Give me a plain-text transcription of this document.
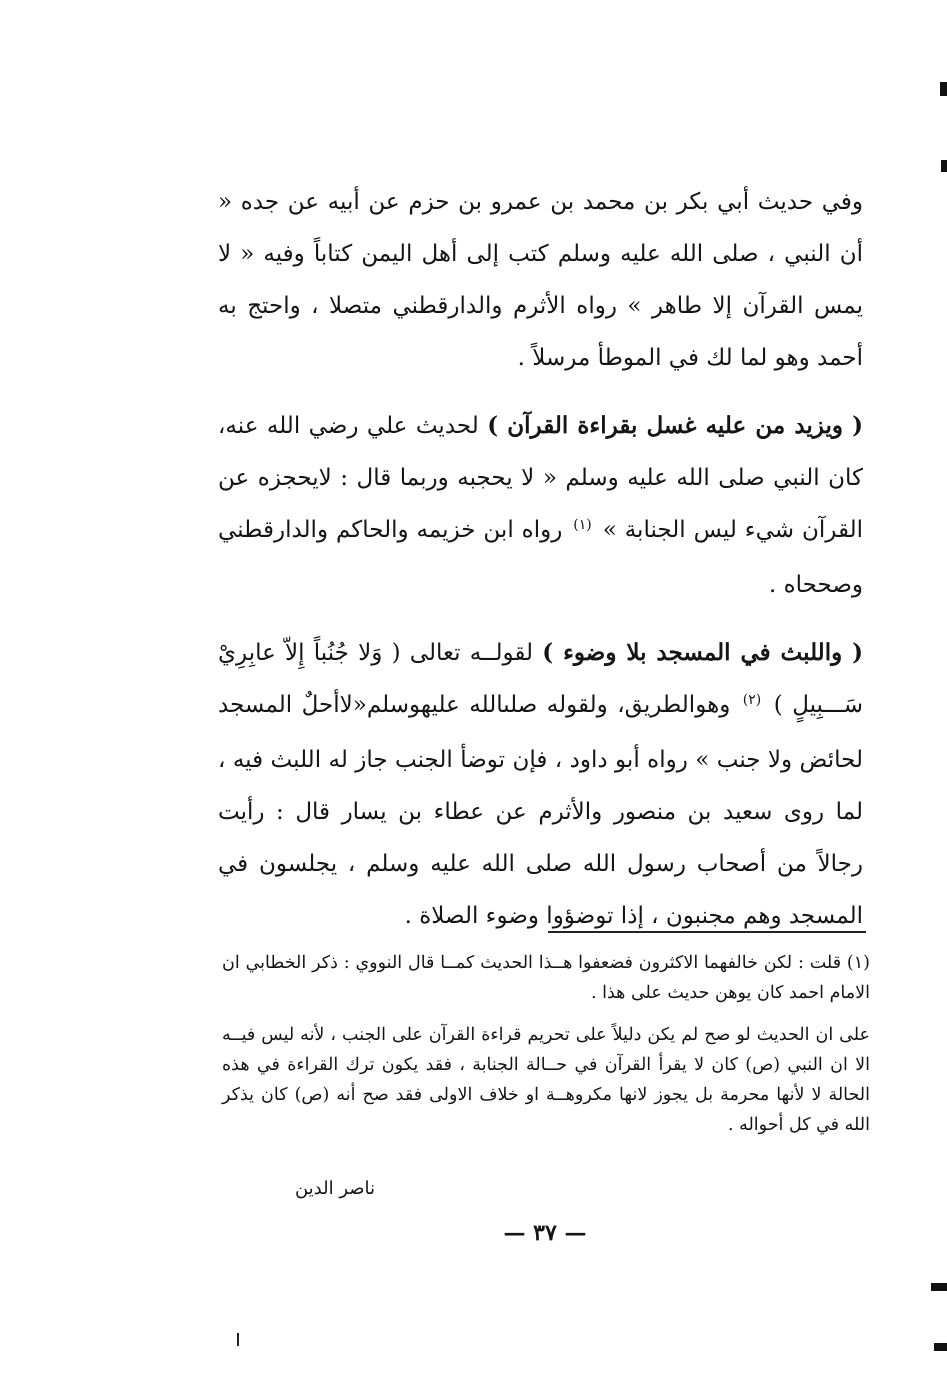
وفي حديث أبي بكر بن محمد بن عمرو بن حزم عن أبيه عن جده « أن النبي ، صلى الله عليه وسلم كتب إلى أهل اليمن كتاباً وفيه « لا يمس القرآن إلا طاهر » رواه الأثرم والدارقطني متصلا ، واحتج به أحمد وهو لما لك في الموطأ مرسلاً .

( ويزيد من عليه غسل بقراءة القرآن ) لحديث علي رضي الله عنه، كان النبي صلى الله عليه وسلم « لا يحجبه وربما قال : لايحجزه عن القرآن شيء ليس الجنابة » $^{(١)}$ رواه ابن خزيمه والحاكم والدارقطني وصححاه .

( واللبث في المسجد بلا وضوء ) لقولــه تعالى ( وَلا جُنُباً إِلاّ عابِرِيْ سَـــبِيلٍ ) $^{(٢)}$ وهوالطريق، ولقوله صلىالله عليهوسلم«لاأحلٌ المسجد لحائض ولا جنب » رواه أبو داود ، فإن توضأ الجنب جاز له اللبث فيه ، لما روى سعيد بن منصور والأثرم عن عطاء بن يسار قال : رأيت رجالاً من أصحاب رسول الله صلى الله عليه وسلم ، يجلسون في المسجد وهم مجنبون ، إذا توضؤوا وضوء الصلاة .

(١) قلت : لكن خالفهما الاكثرون فضعفوا هــذا الحديث كمــا قال النووي : ذكر الخطابي ان الامام احمد كان يوهن حديث على هذا .

على ان الحديث لو صح لم يكن دليلاً على تحريم قراءة القرآن على الجنب ، لأنه ليس فيــه الا ان النبي (ص) كان لا يقرأ القرآن في حــالة الجنابة ، فقد يكون ترك القراءة في هذه الحالة لا لأنها محرمة بل يجوز لانها مكروهــة او خلاف الاولى فقد صح أنه (ص) كان يذكر الله في كل أحواله .

ناصر الدين
— ٣٧ —
